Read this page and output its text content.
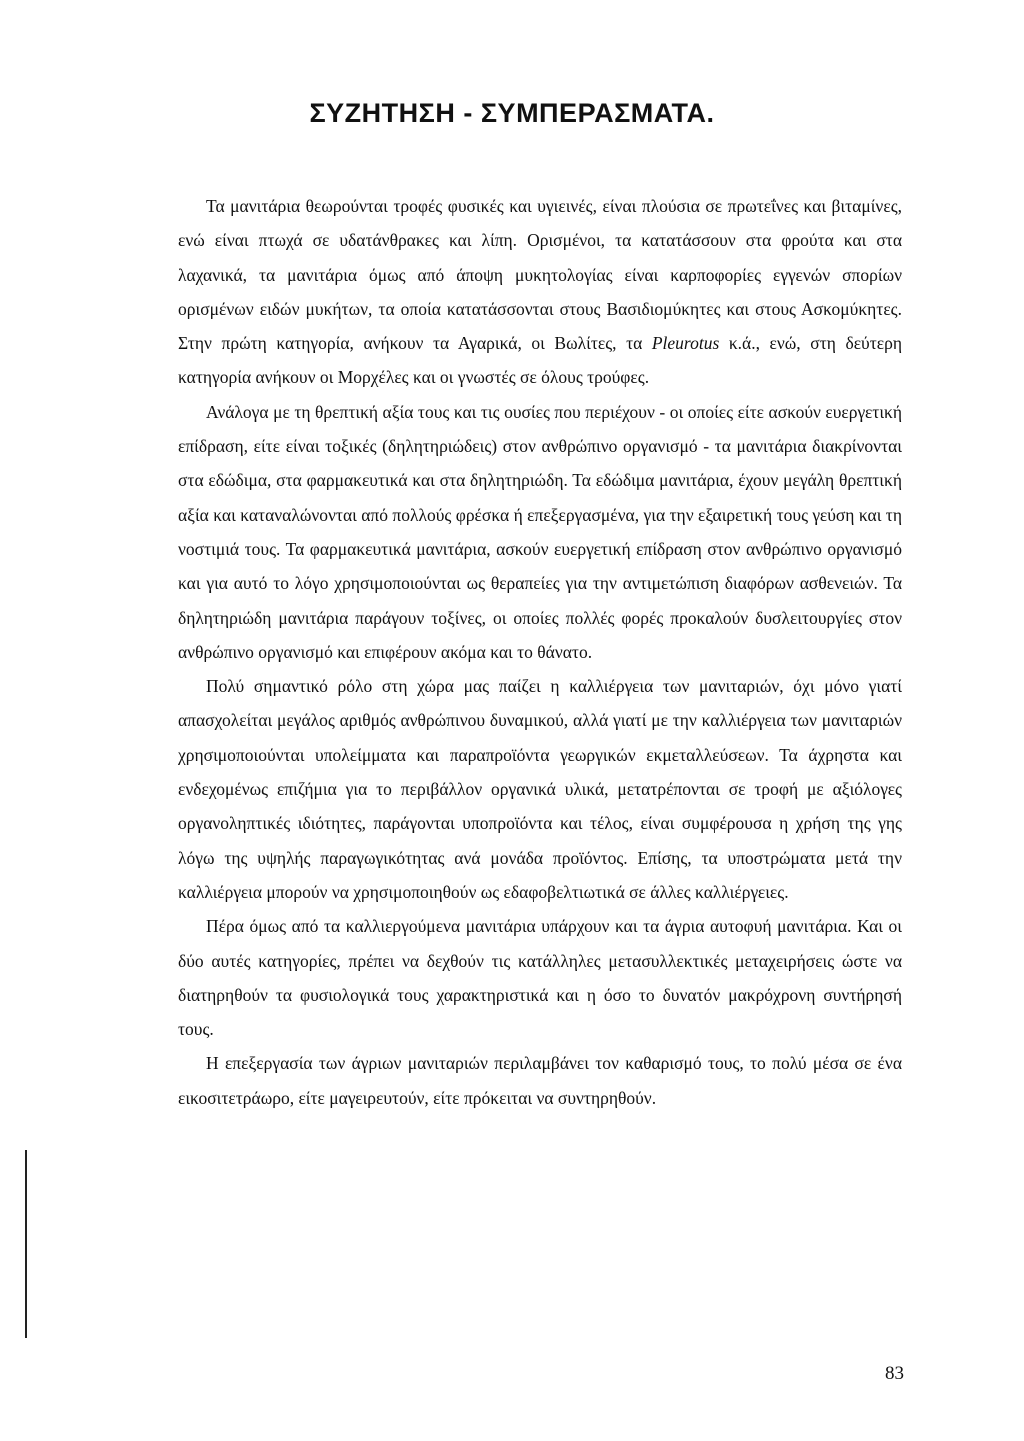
ΣΥΖΗΤΗΣΗ - ΣΥΜΠΕΡΑΣΜΑΤΑ.

Τα μανιτάρια θεωρούνται τροφές φυσικές και υγιεινές, είναι πλούσια σε πρωτεΐνες και βιταμίνες, ενώ είναι πτωχά σε υδατάνθρακες και λίπη. Ορισμένοι, τα κατατάσσουν στα φρούτα και στα λαχανικά, τα μανιτάρια όμως από άποψη μυκητολογίας είναι καρποφορίες εγγενών σπορίων ορισμένων ειδών μυκήτων, τα οποία κατατάσσονται στους Βασιδιομύκητες και στους Ασκομύκητες. Στην πρώτη κατηγορία, ανήκουν τα Αγαρικά, οι Βωλίτες, τα Pleurotus κ.ά., ενώ, στη δεύτερη κατηγορία ανήκουν οι Μορχέλες και οι γνωστές σε όλους τρούφες.

Ανάλογα με τη θρεπτική αξία τους και τις ουσίες που περιέχουν - οι οποίες είτε ασκούν ευεργετική επίδραση, είτε είναι τοξικές (δηλητηριώδεις) στον ανθρώπινο οργανισμό - τα μανιτάρια διακρίνονται στα εδώδιμα, στα φαρμακευτικά και στα δηλητηριώδη. Τα εδώδιμα μανιτάρια, έχουν μεγάλη θρεπτική αξία και καταναλώνονται από πολλούς φρέσκα ή επεξεργασμένα, για την εξαιρετική τους γεύση και τη νοστιμιά τους. Τα φαρμακευτικά μανιτάρια, ασκούν ευεργετική επίδραση στον ανθρώπινο οργανισμό και για αυτό το λόγο χρησιμοποιούνται ως θεραπείες για την αντιμετώπιση διαφόρων ασθενειών. Τα δηλητηριώδη μανιτάρια παράγουν τοξίνες, οι οποίες πολλές φορές προκαλούν δυσλειτουργίες στον ανθρώπινο οργανισμό και επιφέρουν ακόμα και το θάνατο.

Πολύ σημαντικό ρόλο στη χώρα μας παίζει η καλλιέργεια των μανιταριών, όχι μόνο γιατί απασχολείται μεγάλος αριθμός ανθρώπινου δυναμικού, αλλά γιατί με την καλλιέργεια των μανιταριών χρησιμοποιούνται υπολείμματα και παραπροϊόντα γεωργικών εκμεταλλεύσεων. Τα άχρηστα και ενδεχομένως επιζήμια για το περιβάλλον οργανικά υλικά, μετατρέπονται σε τροφή με αξιόλογες οργανοληπτικές ιδιότητες, παράγονται υποπροϊόντα και τέλος, είναι συμφέρουσα η χρήση της γης λόγω της υψηλής παραγωγικότητας ανά μονάδα προϊόντος. Επίσης, τα υποστρώματα μετά την καλλιέργεια μπορούν να χρησιμοποιηθούν ως εδαφοβελτιωτικά σε άλλες καλλιέργειες.

Πέρα όμως από τα καλλιεργούμενα μανιτάρια υπάρχουν και τα άγρια αυτοφυή μανιτάρια. Και οι δύο αυτές κατηγορίες, πρέπει να δεχθούν τις κατάλληλες μετασυλλεκτικές μεταχειρήσεις ώστε να διατηρηθούν τα φυσιολογικά τους χαρακτηριστικά και η όσο το δυνατόν μακρόχρονη συντήρησή τους.

Η επεξεργασία των άγριων μανιταριών περιλαμβάνει τον καθαρισμό τους, το πολύ μέσα σε ένα εικοσιτετράωρο, είτε μαγειρευτούν, είτε πρόκειται να συντηρηθούν.

83
